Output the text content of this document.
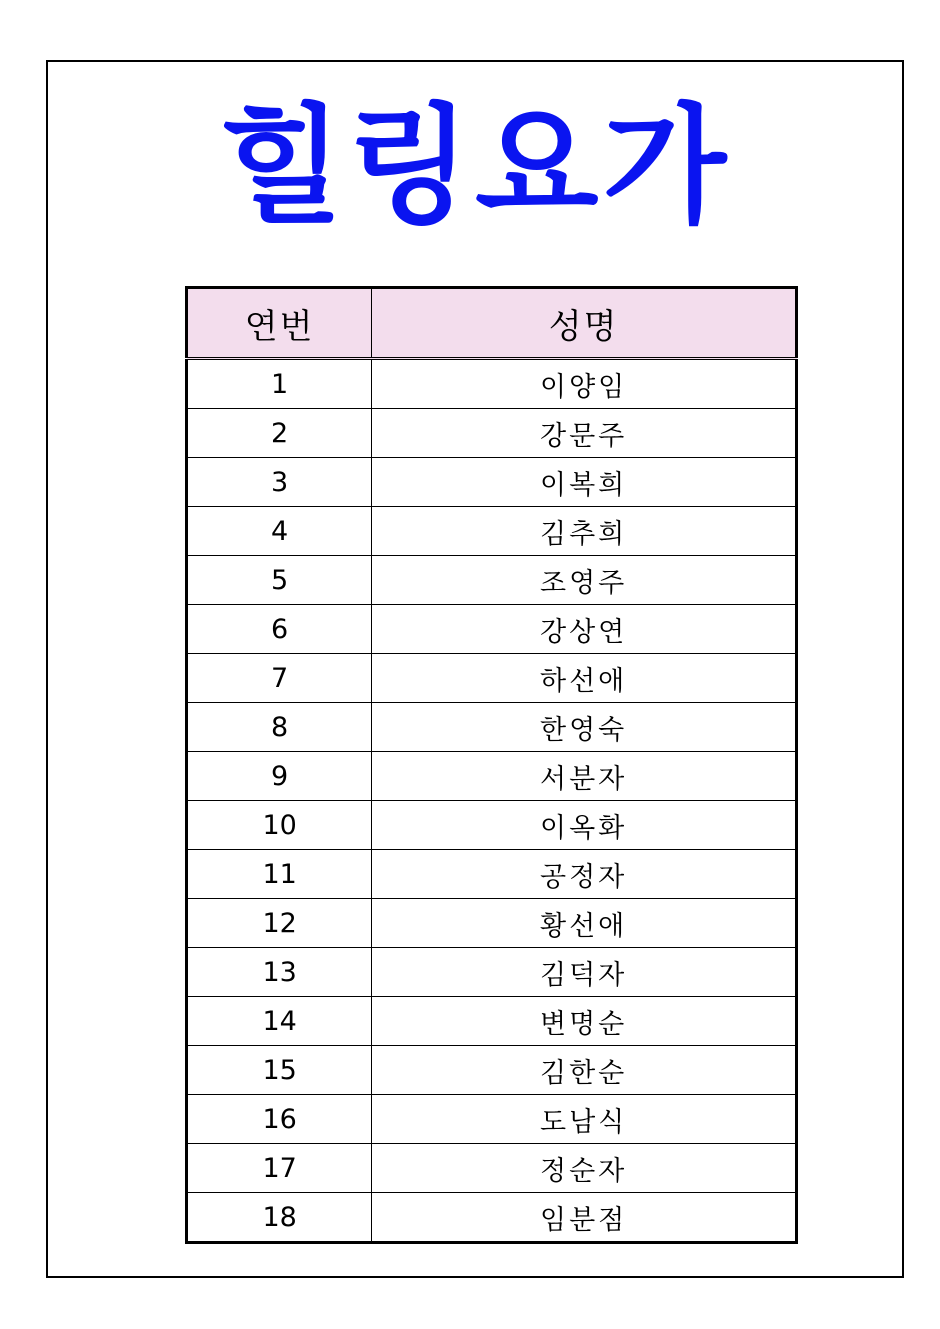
힐링요가
연번	성명
1	이양임
2	강문주
3	이복희
4	김추희
5	조영주
6	강상연
7	하선애
8	한영숙
9	서분자
10	이옥화
11	공정자
12	황선애
13	김덕자
14	변명순
15	김한순
16	도남식
17	정순자
18	임분점
